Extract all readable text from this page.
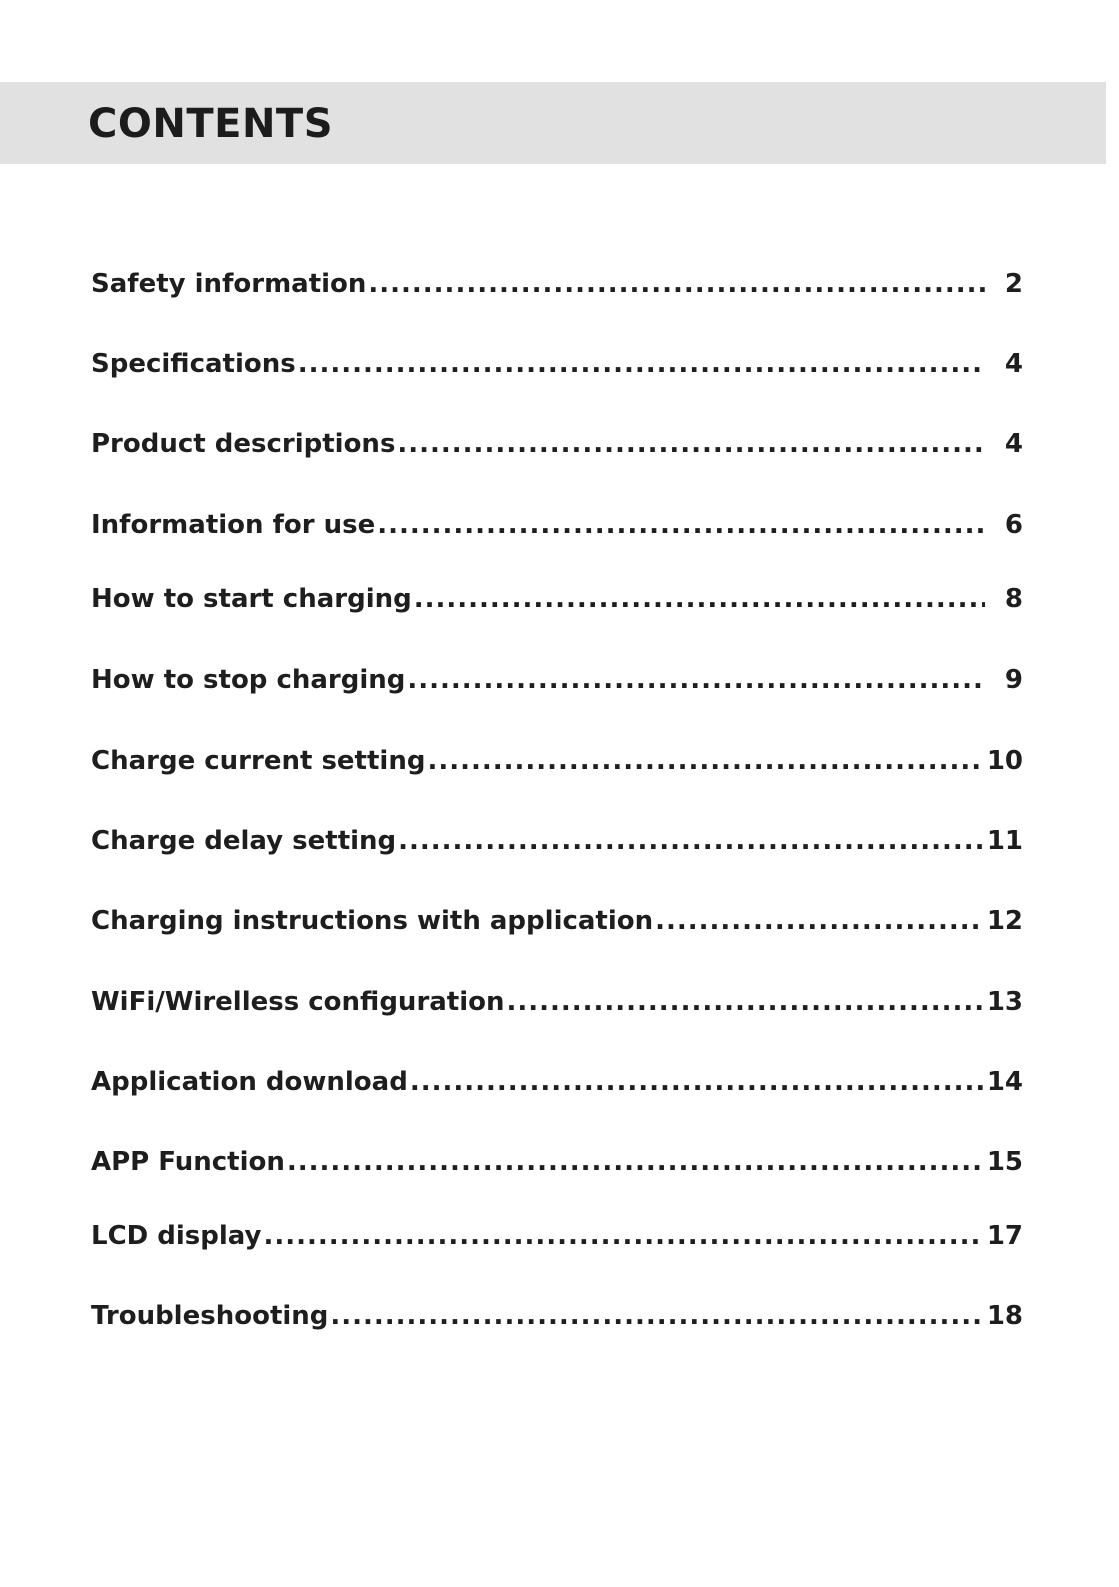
CONTENTS
Safety information .....	2
Specifications .....	4
Product descriptions .....	4
Information for use .....	6
How to start charging .....	8
How to stop charging .....	9
Charge current setting .....	10
Charge delay setting .....	11
Charging instructions with application .....	12
WiFi/Wirelless configuration .....	13
Application download .....	14
APP Function .....	15
LCD display .....	17
Troubleshooting .....	18
